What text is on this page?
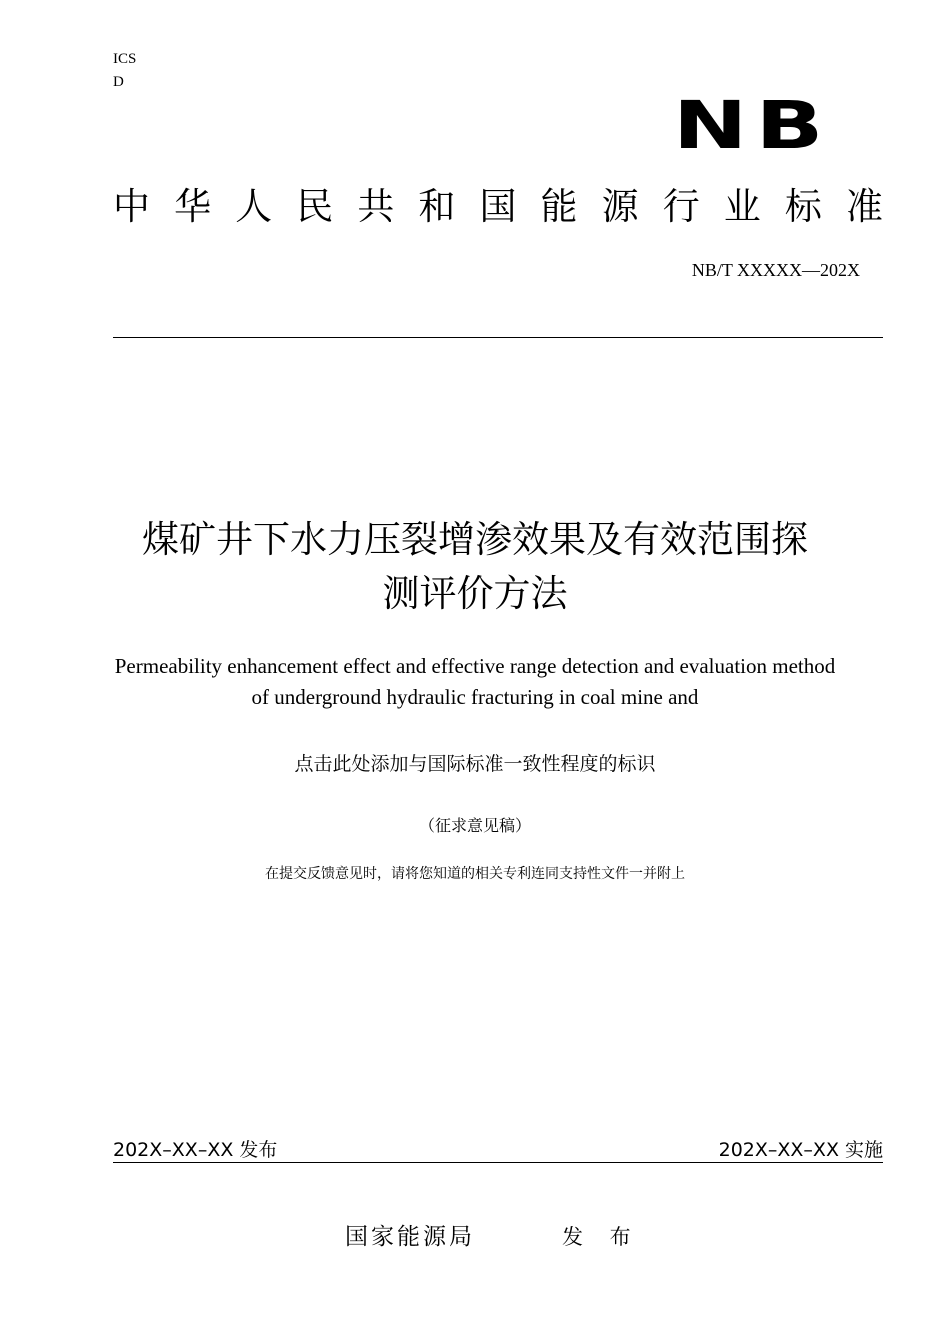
ICS
D
NB
中 华 人 民 共 和 国 能 源 行 业 标 准
NB/T XXXXX—202X
煤矿井下水力压裂增渗效果及有效范围探
测评价方法
Permeability enhancement effect and effective range detection and evaluation method
of underground hydraulic fracturing in coal mine and
点击此处添加与国际标准一致性程度的标识
（征求意见稿）
在提交反馈意见时，请将您知道的相关专利连同支持性文件一并附上
202X–XX–XX 发布	202X–XX–XX 实施
国家能源局	发 布
